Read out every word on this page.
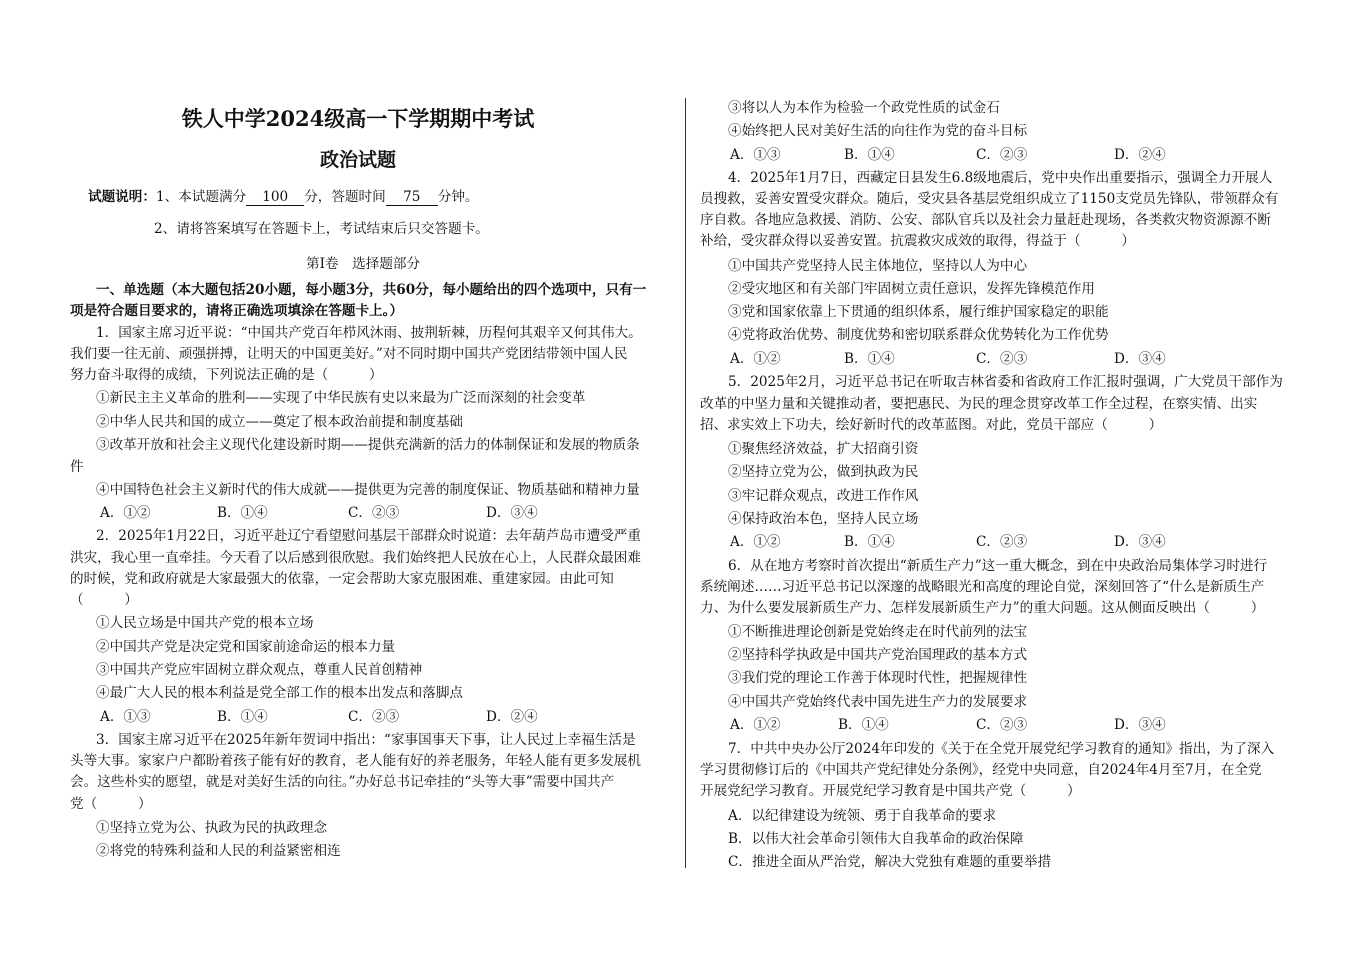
铁人中学2024级高一下学期期中考试
政治试题
试题说明：1、本试题满分 100 分，答题时间 75 分钟。
2、请将答案填写在答题卡上，考试结束后只交答题卡。
第Ⅰ卷　选择题部分
一、单选题（本大题包括20小题，每小题3分，共60分，每小题给出的四个选项中，只有一
项是符合题目要求的，请将正确选项填涂在答题卡上。）
1．国家主席习近平说：“中国共产党百年栉风沐雨、披荆斩棘，历程何其艰辛又何其伟大。
我们要一往无前、顽强拼搏，让明天的中国更美好。”对不同时期中国共产党团结带领中国人民
努力奋斗取得的成绩，下列说法正确的是（　　　）
①新民主主义革命的胜利——实现了中华民族有史以来最为广泛而深刻的社会变革
②中华人民共和国的成立——奠定了根本政治前提和制度基础
③改革开放和社会主义现代化建设新时期——提供充满新的活力的体制保证和发展的物质条
件
④中国特色社会主义新时代的伟大成就——提供更为完善的制度保证、物质基础和精神力量
A．①②	B．①④	C．②③	D．③④
2．2025年1月22日，习近平赴辽宁看望慰问基层干部群众时说道：去年葫芦岛市遭受严重
洪灾，我心里一直牵挂。今天看了以后感到很欣慰。我们始终把人民放在心上，人民群众最困难
的时候，党和政府就是大家最强大的依靠，一定会帮助大家克服困难、重建家园。由此可知
（　　　）
①人民立场是中国共产党的根本立场
②中国共产党是决定党和国家前途命运的根本力量
③中国共产党应牢固树立群众观点，尊重人民首创精神
④最广大人民的根本利益是党全部工作的根本出发点和落脚点
A．①③	B．①④	C．②③	D．②④
3．国家主席习近平在2025年新年贺词中指出：“家事国事天下事，让人民过上幸福生活是
头等大事。家家户户都盼着孩子能有好的教育，老人能有好的养老服务，年轻人能有更多发展机
会。这些朴实的愿望，就是对美好生活的向往。”办好总书记牵挂的“头等大事”需要中国共产
党（　　　）
①坚持立党为公、执政为民的执政理念
②将党的特殊利益和人民的利益紧密相连
③将以人为本作为检验一个政党性质的试金石
④始终把人民对美好生活的向往作为党的奋斗目标
A．①③	B．①④	C．②③	D．②④
4．2025年1月7日，西藏定日县发生6.8级地震后，党中央作出重要指示，强调全力开展人
员搜救，妥善安置受灾群众。随后，受灾县各基层党组织成立了1150支党员先锋队，带领群众有
序自救。各地应急救援、消防、公安、部队官兵以及社会力量赶赴现场，各类救灾物资源源不断
补给，受灾群众得以妥善安置。抗震救灾成效的取得，得益于（　　　）
①中国共产党坚持人民主体地位，坚持以人为中心
②受灾地区和有关部门牢固树立责任意识，发挥先锋模范作用
③党和国家依靠上下贯通的组织体系，履行维护国家稳定的职能
④党将政治优势、制度优势和密切联系群众优势转化为工作优势
A．①②	B．①④	C．②③	D．③④
5．2025年2月，习近平总书记在听取吉林省委和省政府工作汇报时强调，广大党员干部作为
改革的中坚力量和关键推动者，要把惠民、为民的理念贯穿改革工作全过程，在察实情、出实
招、求实效上下功夫，绘好新时代的改革蓝图。对此，党员干部应（　　　）
①聚焦经济效益，扩大招商引资
②坚持立党为公，做到执政为民
③牢记群众观点，改进工作作风
④保持政治本色，坚持人民立场
A．①②	B．①④	C．②③	D．③④
6．从在地方考察时首次提出“新质生产力”这一重大概念，到在中央政治局集体学习时进行
系统阐述……习近平总书记以深邃的战略眼光和高度的理论自觉，深刻回答了“什么是新质生产
力、为什么要发展新质生产力、怎样发展新质生产力”的重大问题。这从侧面反映出（　　　）
①不断推进理论创新是党始终走在时代前列的法宝
②坚持科学执政是中国共产党治国理政的基本方式
③我们党的理论工作善于体现时代性，把握规律性
④中国共产党始终代表中国先进生产力的发展要求
A．①②	B．①④	C．②③	D．③④
7．中共中央办公厅2024年印发的《关于在全党开展党纪学习教育的通知》指出，为了深入
学习贯彻修订后的《中国共产党纪律处分条例》，经党中央同意，自2024年4月至7月，在全党
开展党纪学习教育。开展党纪学习教育是中国共产党（　　　）
A．以纪律建设为统领、勇于自我革命的要求
B．以伟大社会革命引领伟大自我革命的政治保障
C．推进全面从严治党，解决大党独有难题的重要举措
